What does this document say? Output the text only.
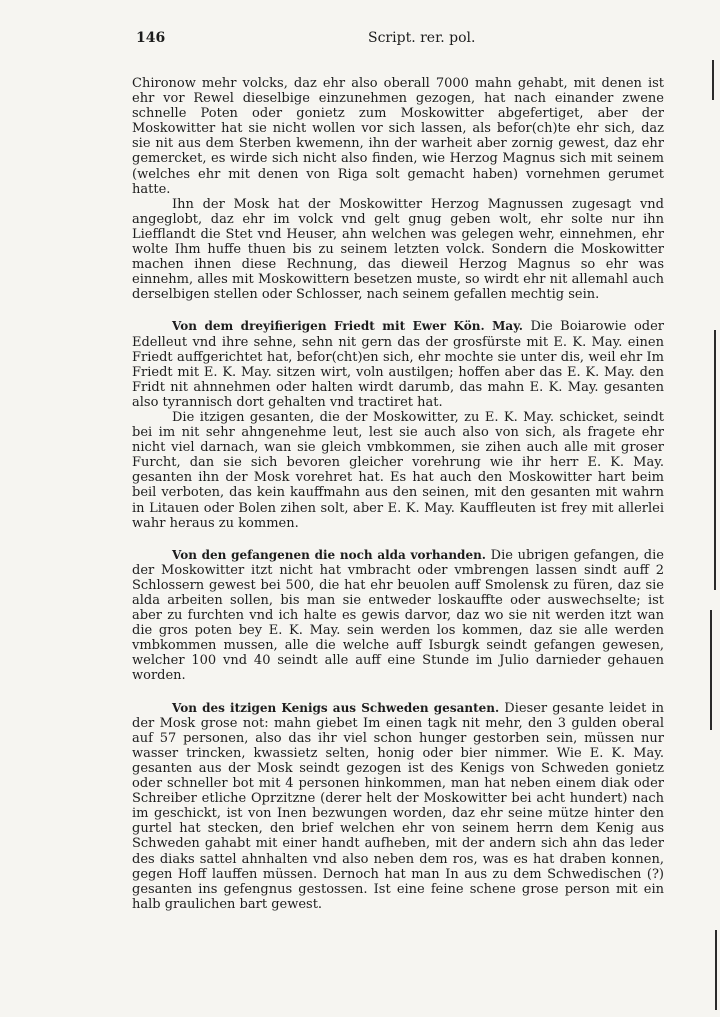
146	Script. rer. pol.

Chironow mehr volcks, daz ehr also oberall 7000 mahn gehabt, mit denen ist ehr vor Rewel dieselbige einzunehmen gezogen, hat nach einander zwene schnelle Poten oder gonietz zum Moskowitter abgefertiget, aber der Moskowitter hat sie nicht wollen vor sich lassen, als befor(ch)te ehr sich, daz sie nit aus dem Sterben kwemenn, ihn der warheit aber zornig gewest, daz ehr gemercket, es wirde sich nicht also finden, wie Herzog Magnus sich mit seinem (welches ehr mit denen von Riga solt gemacht haben) vornehmen gerumet hatte.

Ihn der Mosk hat der Moskowitter Herzog Magnussen zugesagt vnd angeglobt, daz ehr im volck vnd gelt gnug geben wolt, ehr solte nur ihn Liefflandt die Stet vnd Heuser, ahn welchen was gelegen wehr, einnehmen, ehr wolte Ihm huffe thuen bis zu seinem letzten volck. Sondern die Moskowitter machen ihnen diese Rechnung, das dieweil Herzog Magnus so ehr was einnehm, alles mit Moskowittern besetzen muste, so wirdt ehr nit allemahl auch derselbigen stellen oder Schlosser, nach seinem gefallen mechtig sein.

Von dem dreyifierigen Friedt mit Ewer Kön. May. Die Boiarowie oder Edelleut vnd ihre sehne, sehn nit gern das der grosfürste mit E. K. May. einen Friedt auffgerichtet hat, befor(cht)en sich, ehr mochte sie unter dis, weil ehr Im Friedt mit E. K. May. sitzen wirt, voln austilgen; hoffen aber das E. K. May. den Fridt nit ahnnehmen oder halten wirdt darumb, das mahn E. K. May. gesanten also tyrannisch dort gehalten vnd tractiret hat.

Die itzigen gesanten, die der Moskowitter, zu E. K. May. schicket, seindt bei im nit sehr ahngenehme leut, lest sie auch also von sich, als fragete ehr nicht viel darnach, wan sie gleich vmbkommen, sie zihen auch alle mit groser Furcht, dan sie sich bevoren gleicher vorehrung wie ihr herr E. K. May. gesanten ihn der Mosk vorehret hat. Es hat auch den Moskowitter hart beim beil verboten, das kein kauffmahn aus den seinen, mit den gesanten mit wahrn in Litauen oder Bolen zihen solt, aber E. K. May. Kauffleuten ist frey mit allerlei wahr heraus zu kommen.

Von den gefangenen die noch alda vorhanden. Die ubrigen gefangen, die der Moskowitter itzt nicht hat vmbracht oder vmbrengen lassen sindt auff 2 Schlossern gewest bei 500, die hat ehr beuolen auff Smolensk zu füren, daz sie alda arbeiten sollen, bis man sie entweder loskauffte oder auswechselte; ist aber zu furchten vnd ich halte es gewis darvor, daz wo sie nit werden itzt wan die gros poten bey E. K. May. sein werden los kommen, daz sie alle werden vmbkommen mussen, alle die welche auff Isburgk seindt gefangen gewesen, welcher 100 vnd 40 seindt alle auff eine Stunde im Julio darnieder gehauen worden.

Von des itzigen Kenigs aus Schweden gesanten. Dieser gesante leidet in der Mosk grose not: mahn giebet Im einen tagk nit mehr, den 3 gulden oberal auf 57 personen, also das ihr viel schon hunger gestorben sein, müssen nur wasser trincken, kwassietz selten, honig oder bier nimmer. Wie E. K. May. gesanten aus der Mosk seindt gezogen ist des Kenigs von Schweden gonietz oder schneller bot mit 4 personen hinkommen, man hat neben einem diak oder Schreiber etliche Oprzitzne (derer helt der Moskowitter bei acht hundert) nach im geschickt, ist von Inen bezwungen worden, daz ehr seine mütze hinter den gurtel hat stecken, den brief welchen ehr von seinem herrn dem Kenig aus Schweden gahabt mit einer handt aufheben, mit der andern sich ahn das leder des diaks sattel ahnhalten vnd also neben dem ros, was es hat draben konnen, gegen Hoff lauffen müssen. Dernoch hat man In aus zu dem Schwedischen (?) gesanten ins gefengnus gestossen. Ist eine feine schene grose person mit ein halb graulichen bart gewest.
